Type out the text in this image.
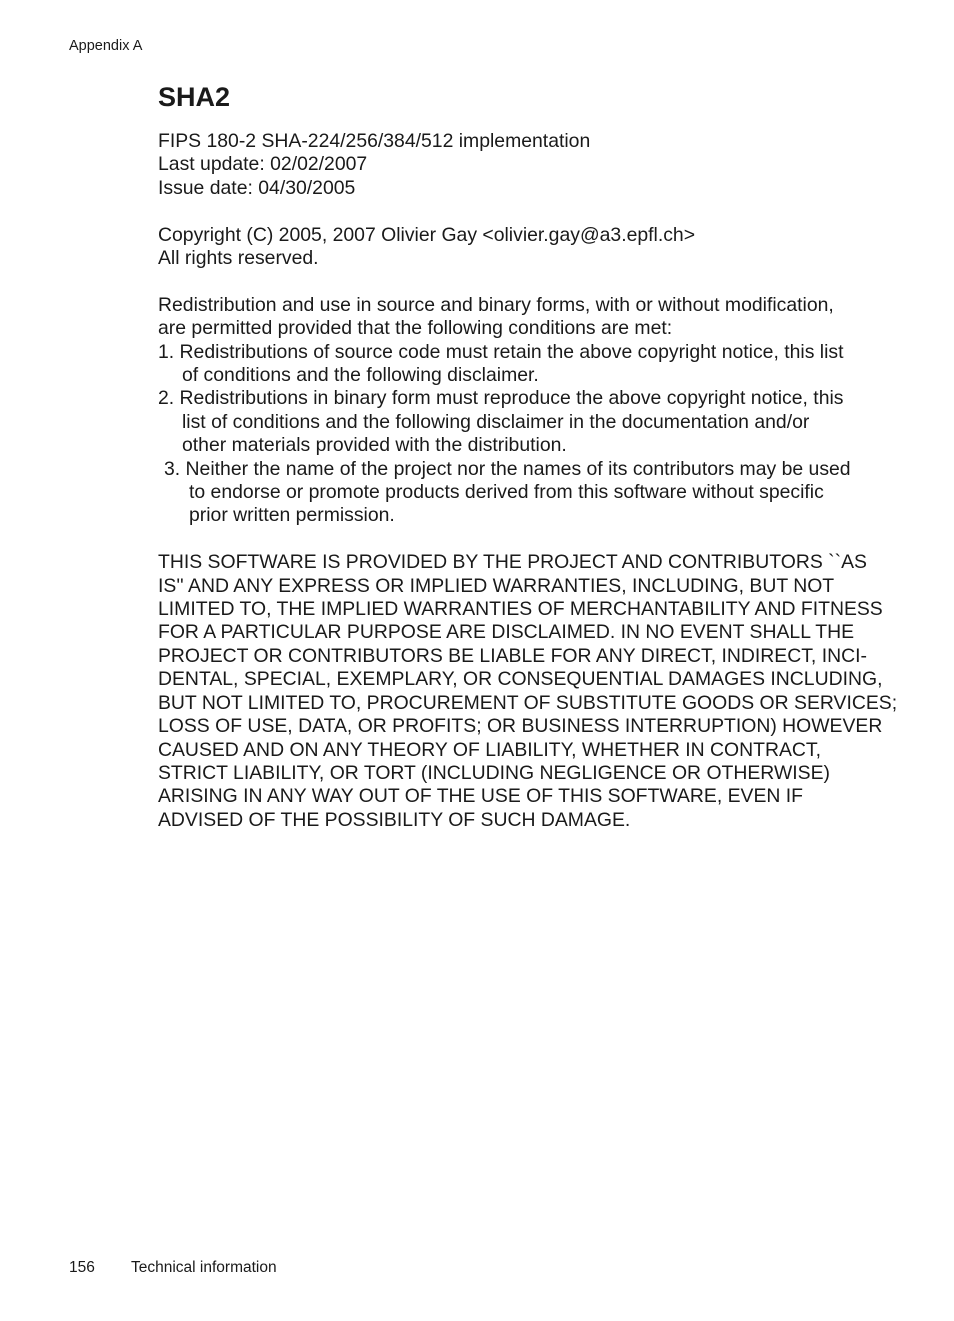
Appendix A
SHA2
FIPS 180-2 SHA-224/256/384/512 implementation
Last update: 02/02/2007
Issue date: 04/30/2005
Copyright (C) 2005, 2007 Olivier Gay <olivier.gay@a3.epfl.ch>
All rights reserved.
Redistribution and use in source and binary forms, with or without modification,
are permitted provided that the following conditions are met:
1. Redistributions of source code must retain the above copyright notice, this list
of conditions and the following disclaimer.
2. Redistributions in binary form must reproduce the above copyright notice, this
list of conditions and the following disclaimer in the documentation and/or
other materials provided with the distribution.
3. Neither the name of the project nor the names of its contributors may be used
to endorse or promote products derived from this software without specific
prior written permission.
THIS SOFTWARE IS PROVIDED BY THE PROJECT AND CONTRIBUTORS ``AS
IS'' AND ANY EXPRESS OR IMPLIED WARRANTIES, INCLUDING, BUT NOT
LIMITED TO, THE IMPLIED WARRANTIES OF MERCHANTABILITY AND FITNESS
FOR A PARTICULAR PURPOSE ARE DISCLAIMED. IN NO EVENT SHALL THE
PROJECT OR CONTRIBUTORS BE LIABLE FOR ANY DIRECT, INDIRECT, INCI-
DENTAL, SPECIAL, EXEMPLARY, OR CONSEQUENTIAL DAMAGES INCLUDING,
BUT NOT LIMITED TO, PROCUREMENT OF SUBSTITUTE GOODS OR SERVICES;
LOSS OF USE, DATA, OR PROFITS; OR BUSINESS INTERRUPTION) HOWEVER
CAUSED AND ON ANY THEORY OF LIABILITY, WHETHER IN CONTRACT,
STRICT LIABILITY, OR TORT (INCLUDING NEGLIGENCE OR OTHERWISE)
ARISING IN ANY WAY OUT OF THE USE OF THIS SOFTWARE, EVEN IF
ADVISED OF THE POSSIBILITY OF SUCH DAMAGE.
156 Technical information
